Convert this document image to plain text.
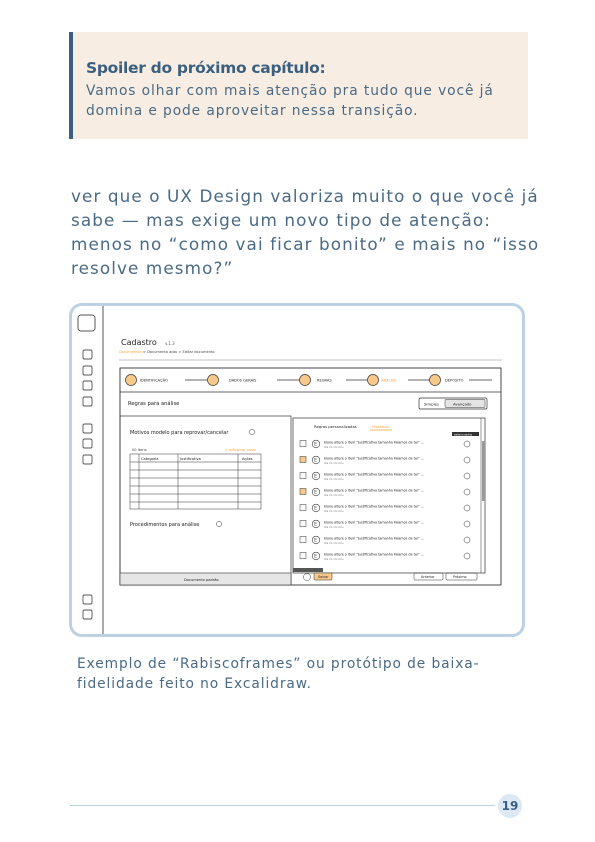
Spoiler do próximo capítulo:
Vamos olhar com mais atenção pra tudo que você já domina e pode aproveitar nessa transição.
ver que o UX Design valoriza muito o que você já sabe — mas exige um novo tipo de atenção: menos no “como vai ficar bonito” e mais no “isso resolve mesmo?”
Cadastro v.1.3
Documentos > Documento apto > Editar documento
IDENTIFICAÇÃO	DADOS GERAIS	REGRAS	ANÁLISE	DEPÓSITO
Regras para análise	Simples	Avançado
Motivos modelo para reprovar/cancelar
00 itens	+ adicionar novo
Categoria	Justificativa	Ações
Procedimentos para análise
Documento padrão
Regras personalizadas	Histórico
selecionados
E Elone altere o item “Justificativa tamanho Falamos da tal” ...
até 10 minutos
E Elone altere o item “Justificativa tamanho Falamos da tal” ...
até 10 minutos
E Elone altere o item “Justificativa tamanho Falamos da tal” ...
até 10 minutos
E Elone altere o item “Justificativa tamanho Falamos da tal” ...
até 10 minutos
E Elone altere o item “Justificativa tamanho Falamos da tal” ...
até 10 minutos
E Elone altere o item “Justificativa tamanho Falamos da tal” ...
até 10 minutos
E Elone altere o item “Justificativa tamanho Falamos da tal” ...
até 10 minutos
E Elone altere o item “Justificativa tamanho Falamos da tal” ...
até 10 minutos
Salvar	Anterior	Próximo
Exemplo de “Rabiscoframes” ou protótipo de baixa-fidelidade feito no Excalidraw.
19
